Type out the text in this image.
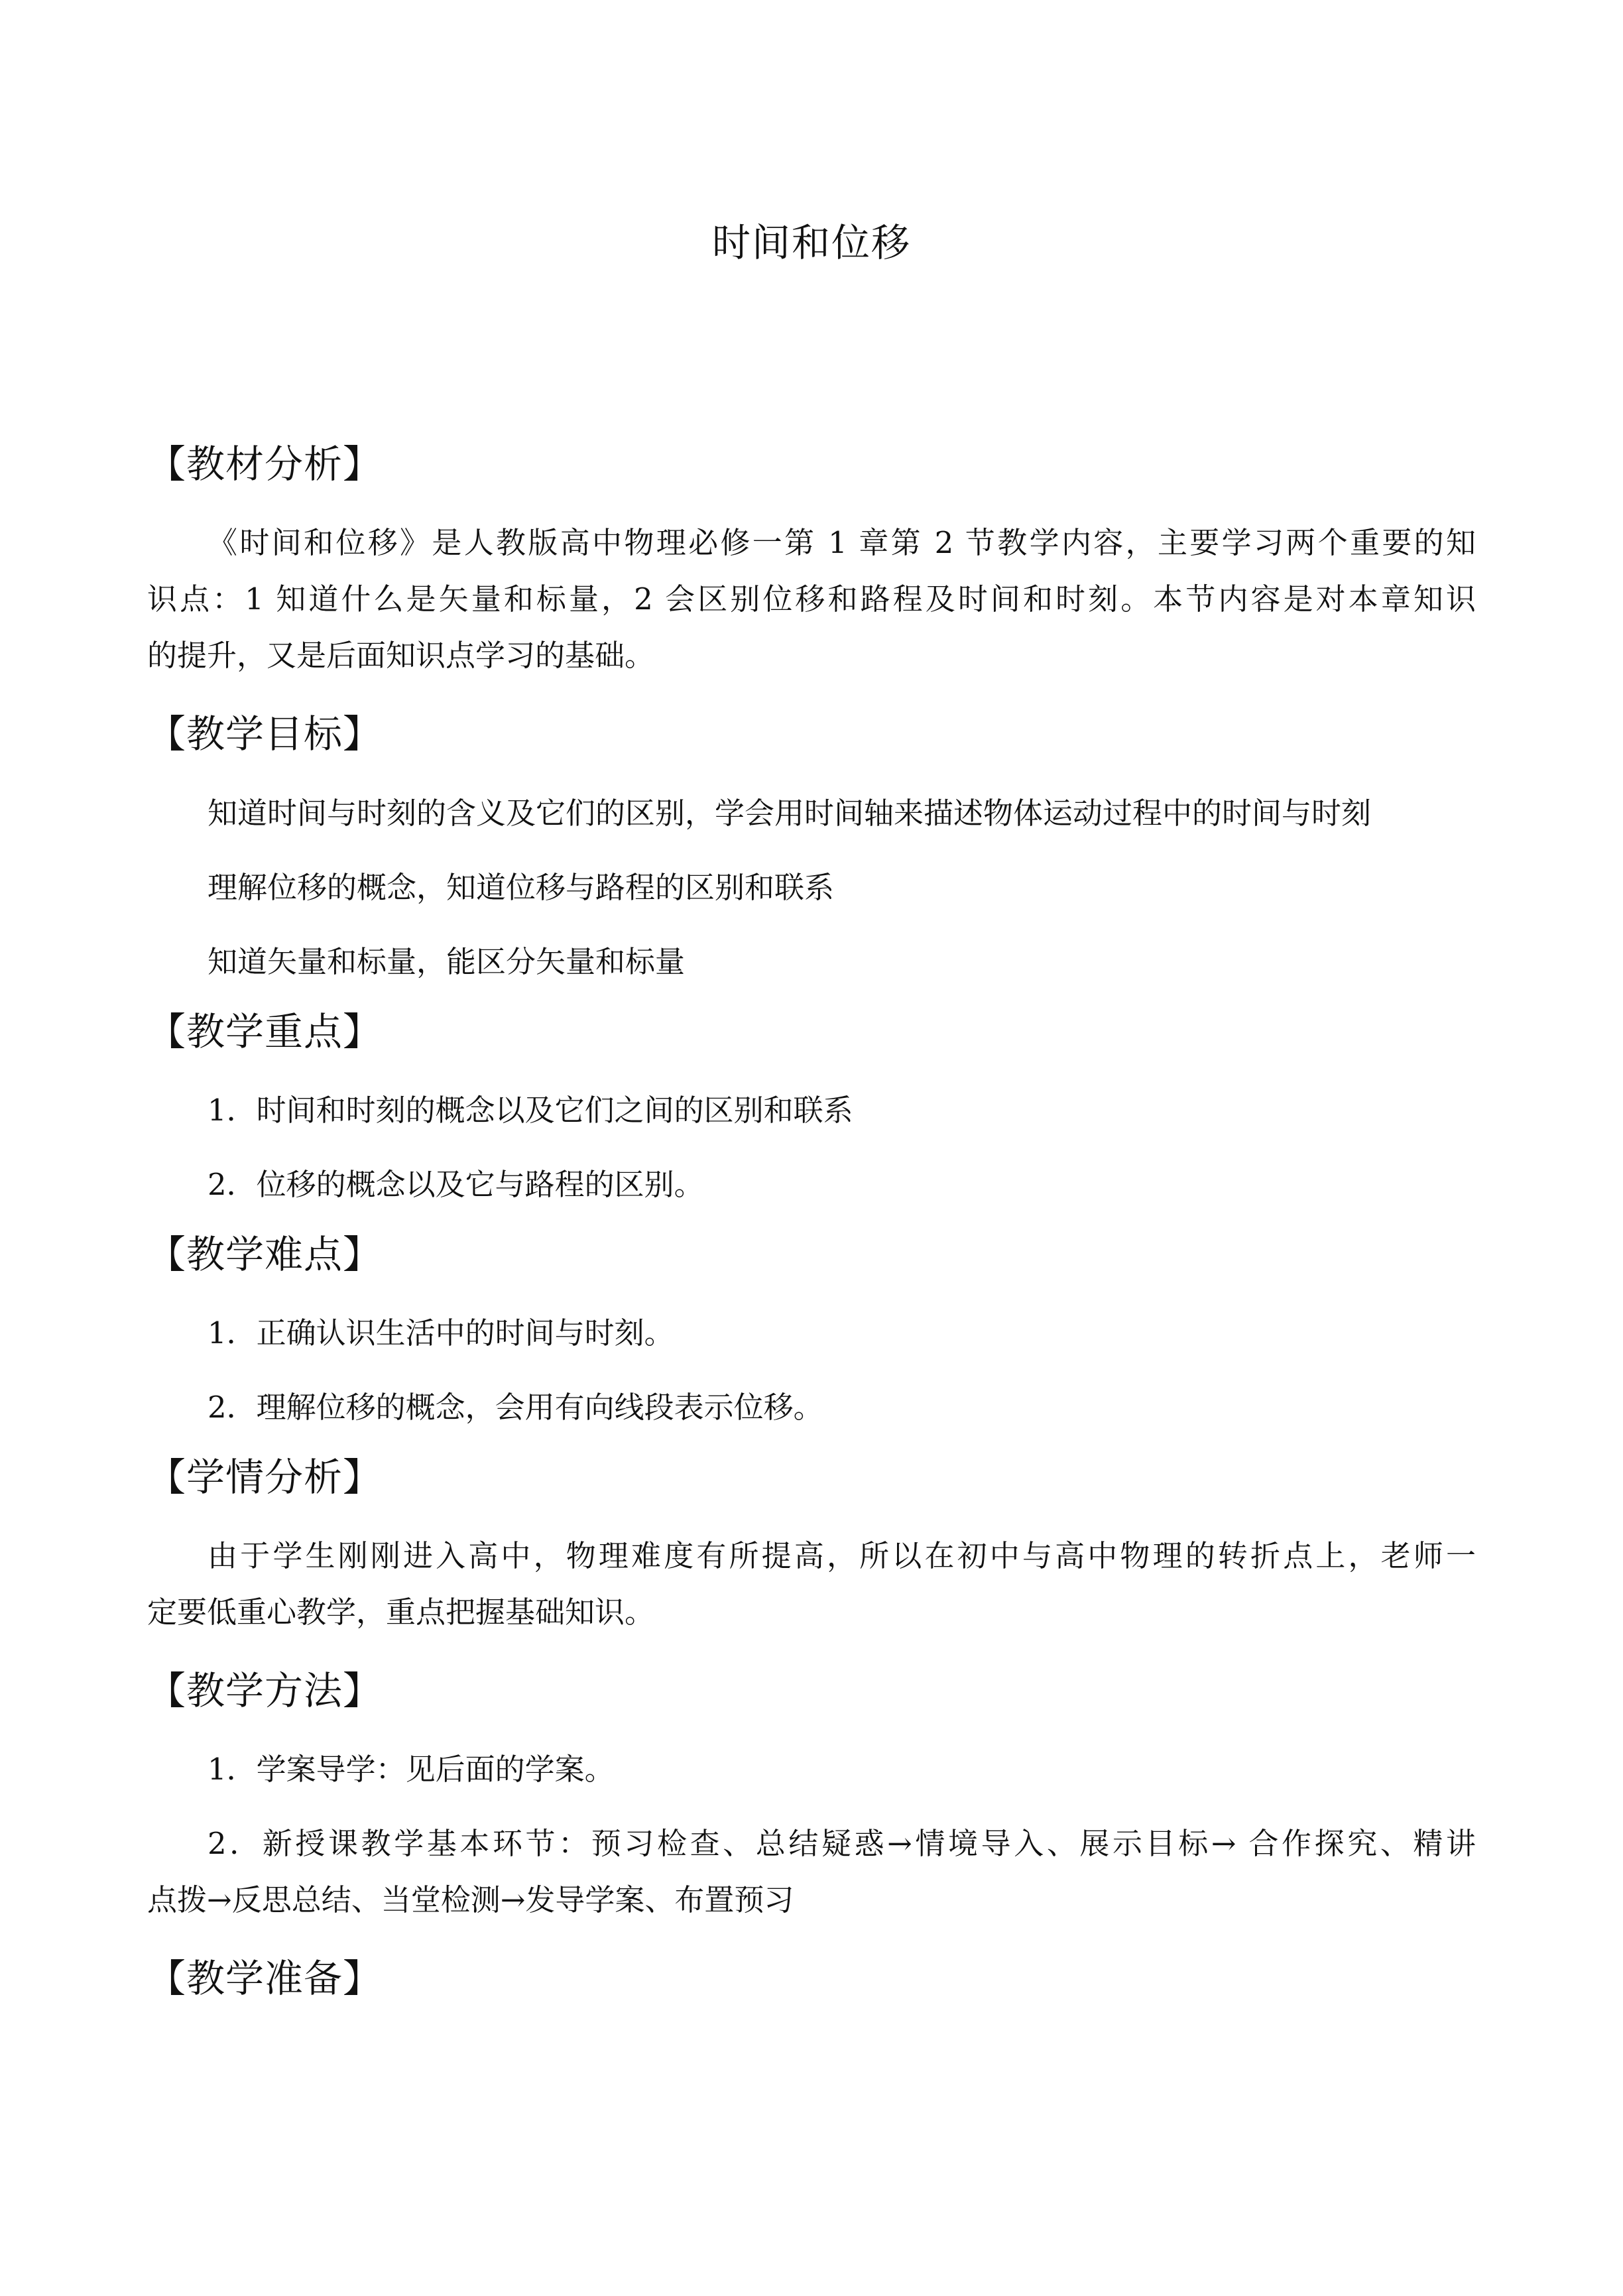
时间和位移
【教材分析】
《时间和位移》是人教版高中物理必修一第 1 章第 2 节教学内容，主要学习两个重要的知
识点：1 知道什么是矢量和标量，2 会区别位移和路程及时间和时刻。本节内容是对本章知识
的提升，又是后面知识点学习的基础。
【教学目标】
知道时间与时刻的含义及它们的区别，学会用时间轴来描述物体运动过程中的时间与时刻
理解位移的概念，知道位移与路程的区别和联系
知道矢量和标量，能区分矢量和标量
【教学重点】
1．时间和时刻的概念以及它们之间的区别和联系
2．位移的概念以及它与路程的区别。
【教学难点】
1．正确认识生活中的时间与时刻。
2．理解位移的概念，会用有向线段表示位移。
【学情分析】
由于学生刚刚进入高中，物理难度有所提高，所以在初中与高中物理的转折点上，老师一
定要低重心教学，重点把握基础知识。
【教学方法】
1．学案导学：见后面的学案。
2．新授课教学基本环节：预习检查、总结疑惑→情境导入、展示目标→ 合作探究、精讲
点拨→反思总结、当堂检测→发导学案、布置预习
【教学准备】
